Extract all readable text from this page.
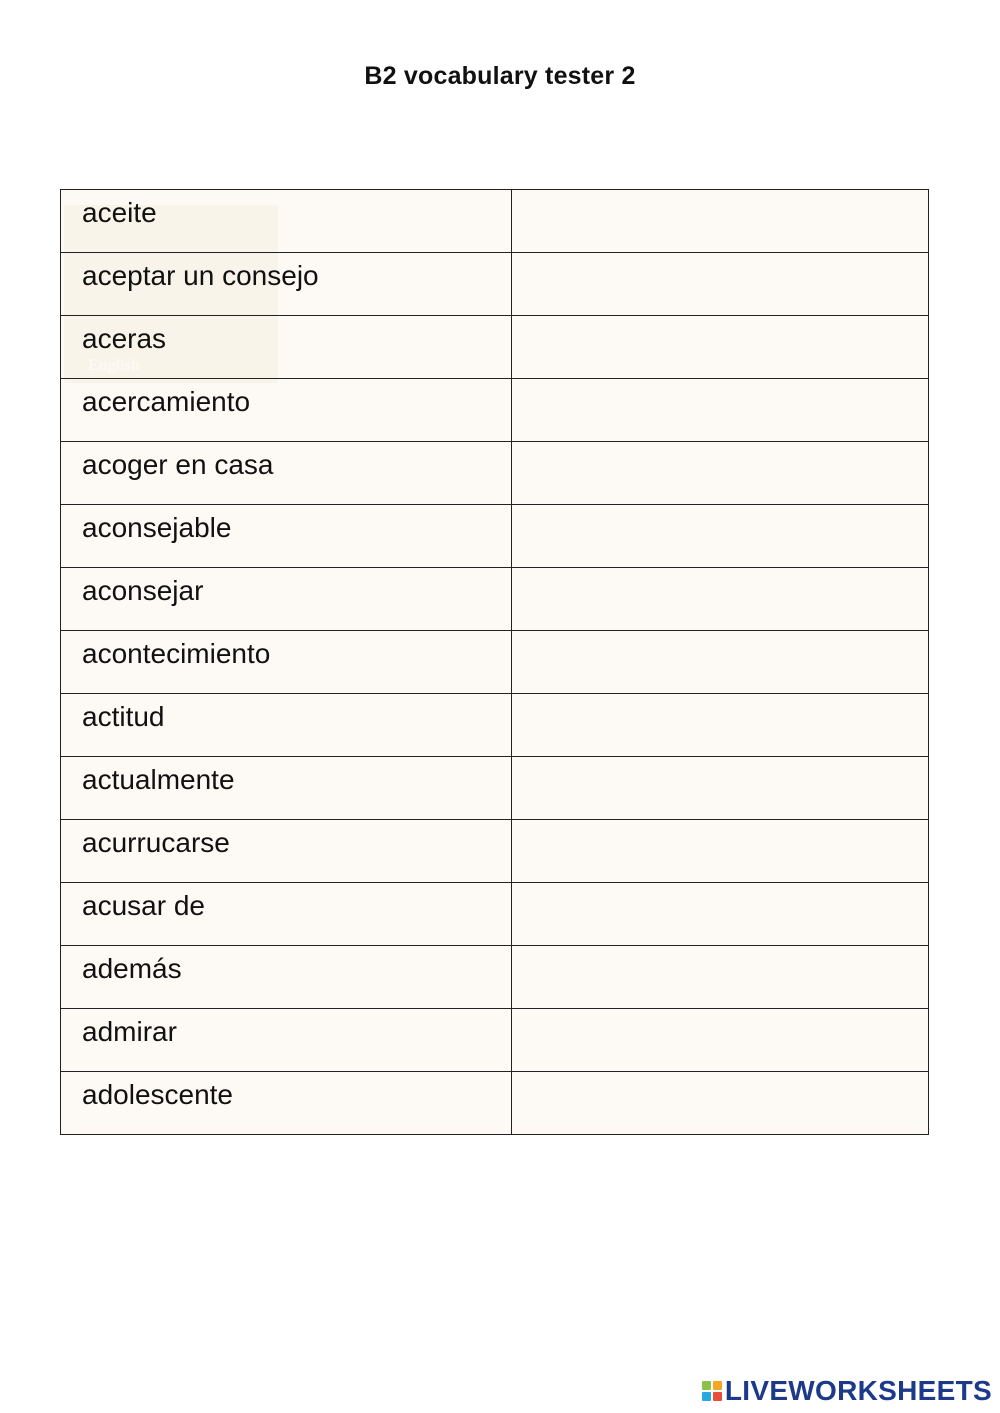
B2 vocabulary tester 2
aceite	
aceptar un consejo	
aceras	
acercamiento	
acoger en casa	
aconsejable	
aconsejar	
acontecimiento	
actitud	
actualmente	
acurrucarse	
acusar de	
además	
admirar	
adolescente	
LIVEWORKSHEETS
